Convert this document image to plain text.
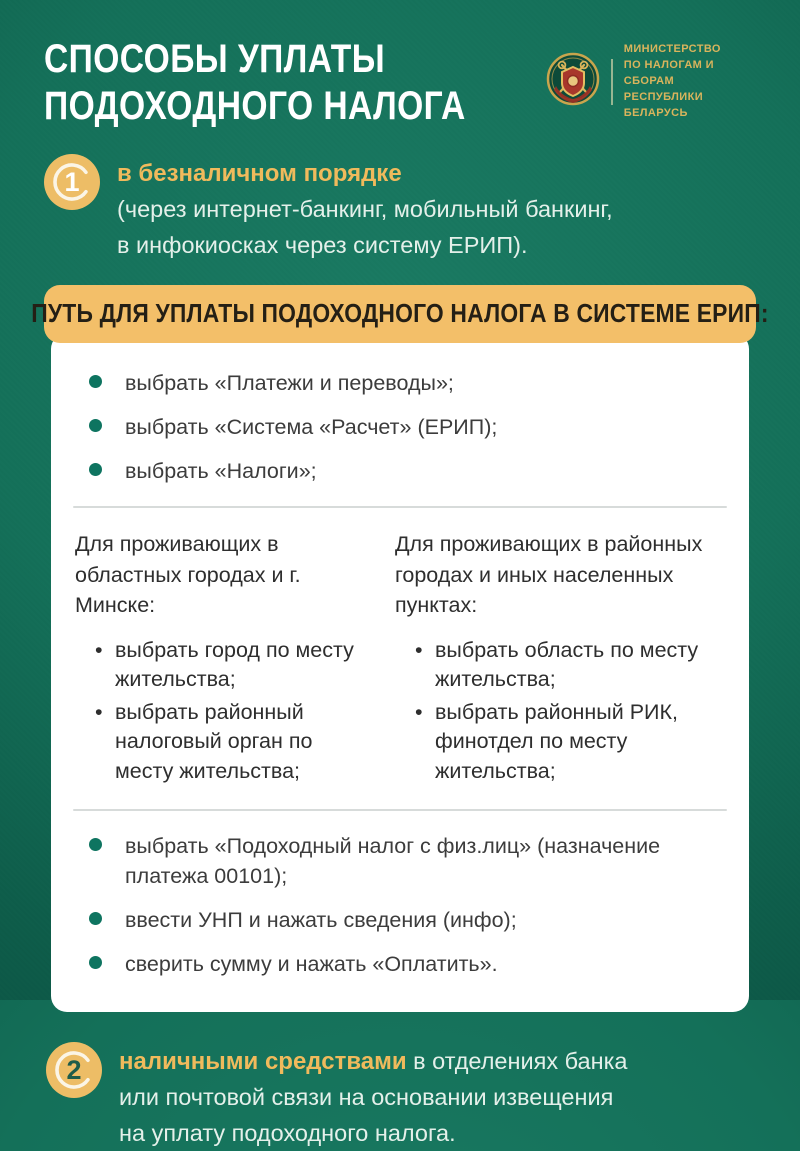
СПОСОБЫ УПЛАТЫ
ПОДОХОДНОГО НАЛОГА
МИНИСТЕРСТВО
ПО НАЛОГАМ И СБОРАМ
РЕСПУБЛИКИ БЕЛАРУСЬ
1	в безналичном порядке
(через интернет-банкинг, мобильный банкинг,
в инфокиосках через систему ЕРИП).
ПУТЬ ДЛЯ УПЛАТЫ ПОДОХОДНОГО НАЛОГА В СИСТЕМЕ ЕРИП:
выбрать «Платежи и переводы»;
выбрать «Система «Расчет» (ЕРИП);
выбрать «Налоги»;
Для проживающих в областных городах и г. Минске:
• выбрать город по месту жительства;
• выбрать районный налоговый орган по месту жительства;
Для проживающих в районных городах и иных населенных пунктах:
• выбрать область по месту жительства;
• выбрать районный РИК, финотдел по месту жительства;
выбрать «Подоходный налог с физ.лиц» (назначение платежа 00101);
ввести УНП и нажать сведения (инфо);
сверить сумму и нажать «Оплатить».
2	наличными средствами в отделениях банка
или почтовой связи на основании извещения
на уплату подоходного налога.
